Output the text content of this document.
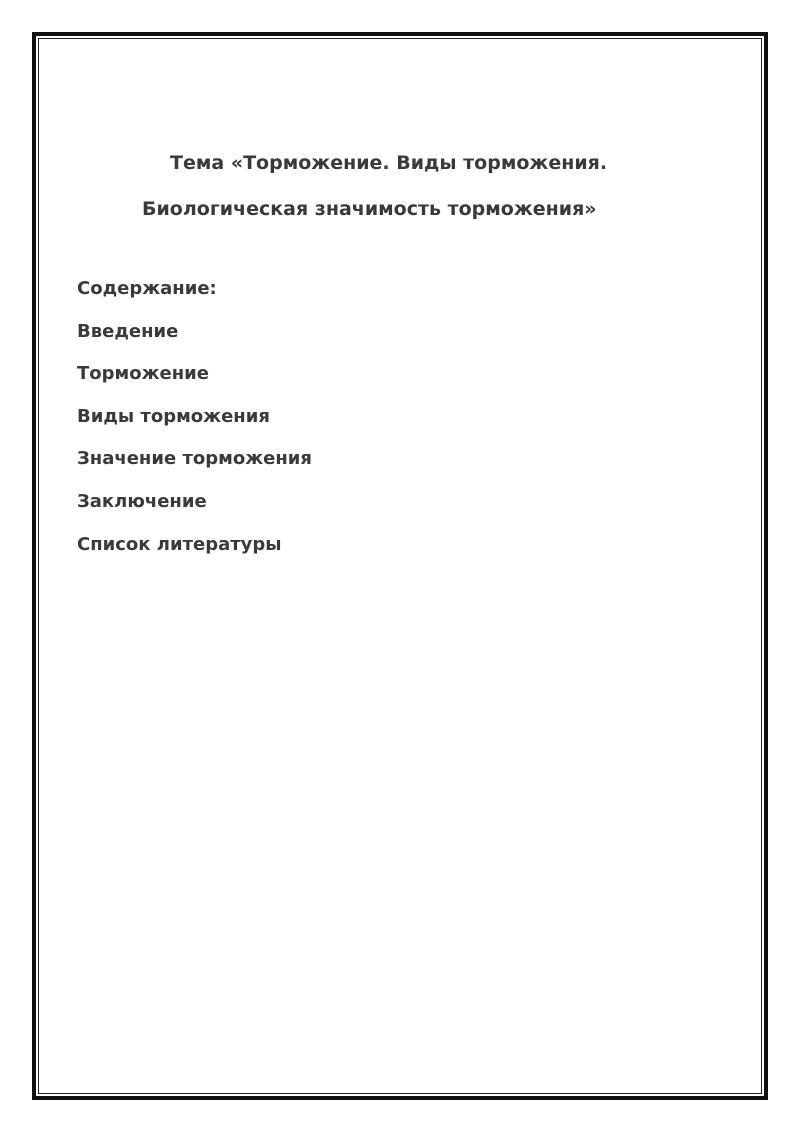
Тема «Торможение. Виды торможения.
Биологическая значимость торможения»
Содержание:
Введение
Торможение
Виды торможения
Значение торможения
Заключение
Список литературы
